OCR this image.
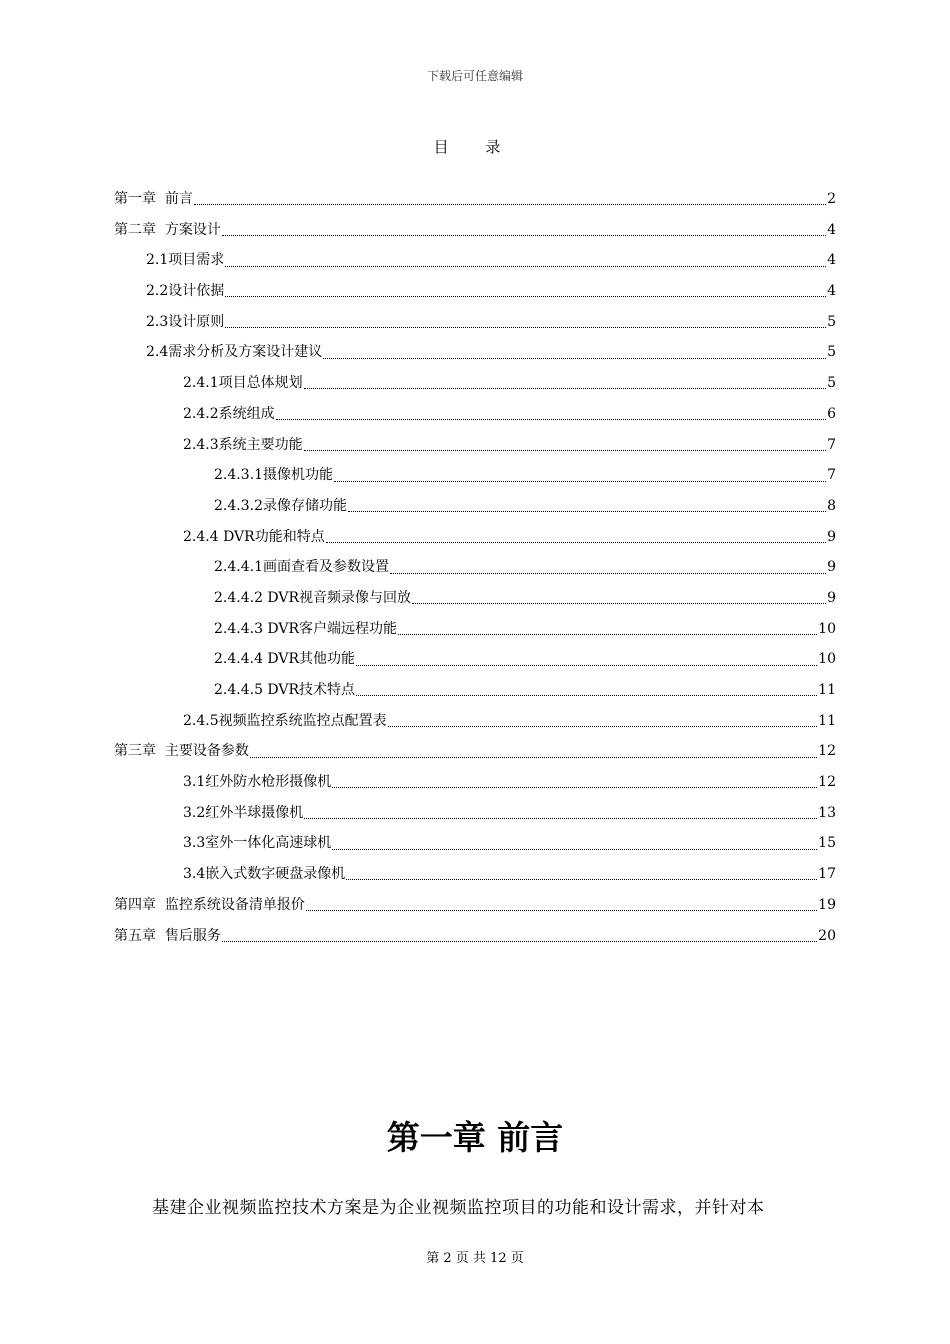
下载后可任意编辑
目 录
第一章  前言	2
第二章  方案设计	4
2.1项目需求	4
2.2设计依据	4
2.3设计原则	5
2.4需求分析及方案设计建议	5
2.4.1项目总体规划	5
2.4.2系统组成	6
2.4.3系统主要功能	7
2.4.3.1摄像机功能	7
2.4.3.2录像存储功能	8
2.4.4 DVR功能和特点	9
2.4.4.1画面查看及参数设置	9
2.4.4.2 DVR视音频录像与回放	9
2.4.4.3 DVR客户端远程功能	10
2.4.4.4 DVR其他功能	10
2.4.4.5 DVR技术特点	11
2.4.5视频监控系统监控点配置表	11
第三章  主要设备参数	12
3.1红外防水枪形摄像机	12
3.2红外半球摄像机	13
3.3室外一体化高速球机	15
3.4嵌入式数字硬盘录像机	17
第四章  监控系统设备清单报价	19
第五章  售后服务	20
第一章 前言
基建企业视频监控技术方案是为企业视频监控项目的功能和设计需求，并针对本
第 2 页 共 12 页
